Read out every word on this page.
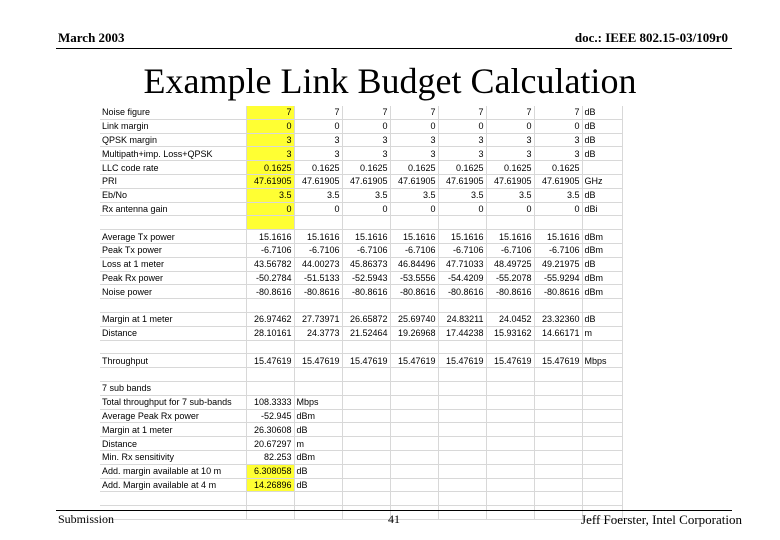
March 2003	doc.: IEEE 802.15-03/109r0
Example Link Budget Calculation
Noise figure	7	7	7	7	7	7	7	dB
Link margin	0	0	0	0	0	0	0	dB
QPSK margin	3	3	3	3	3	3	3	dB
Multipath+imp. Loss+QPSK	3	3	3	3	3	3	3	dB
LLC code rate	0.1625	0.1625	0.1625	0.1625	0.1625	0.1625	0.1625	
PRI	47.61905	47.61905	47.61905	47.61905	47.61905	47.61905	47.61905	GHz
Eb/No	3.5	3.5	3.5	3.5	3.5	3.5	3.5	dB
Rx antenna gain	0	0	0	0	0	0	0	dBi

Average Tx power	15.1616	15.1616	15.1616	15.1616	15.1616	15.1616	15.1616	dBm
Peak Tx power	-6.7106	-6.7106	-6.7106	-6.7106	-6.7106	-6.7106	-6.7106	dBm
Loss at 1 meter	43.56782	44.00273	45.86373	46.84496	47.71033	48.49725	49.21975	dB
Peak Rx power	-50.2784	-51.5133	-52.5943	-53.5556	-54.4209	-55.2078	-55.9294	dBm
Noise power	-80.8616	-80.8616	-80.8616	-80.8616	-80.8616	-80.8616	-80.8616	dBm

Margin at 1 meter	26.97462	27.73971	26.65872	25.69740	24.83211	24.0452	23.32360	dB
Distance	28.10161	24.3773	21.52464	19.26968	17.44238	15.93162	14.66171	m

Throughput	15.47619	15.47619	15.47619	15.47619	15.47619	15.47619	15.47619	Mbps

7 sub bands								
Total throughput for 7 sub-bands	108.3333	Mbps						
Average Peak Rx power	-52.945	dBm						
Margin at 1 meter	26.30608	dB						
Distance	20.67297	m						
Min. Rx sensitivity	82.253	dBm						
Add. margin available at 10 m	6.308058	dB						
Add. Margin available at 4 m	14.26896	dB						

Submission	41	Jeff Foerster, Intel Corporation
